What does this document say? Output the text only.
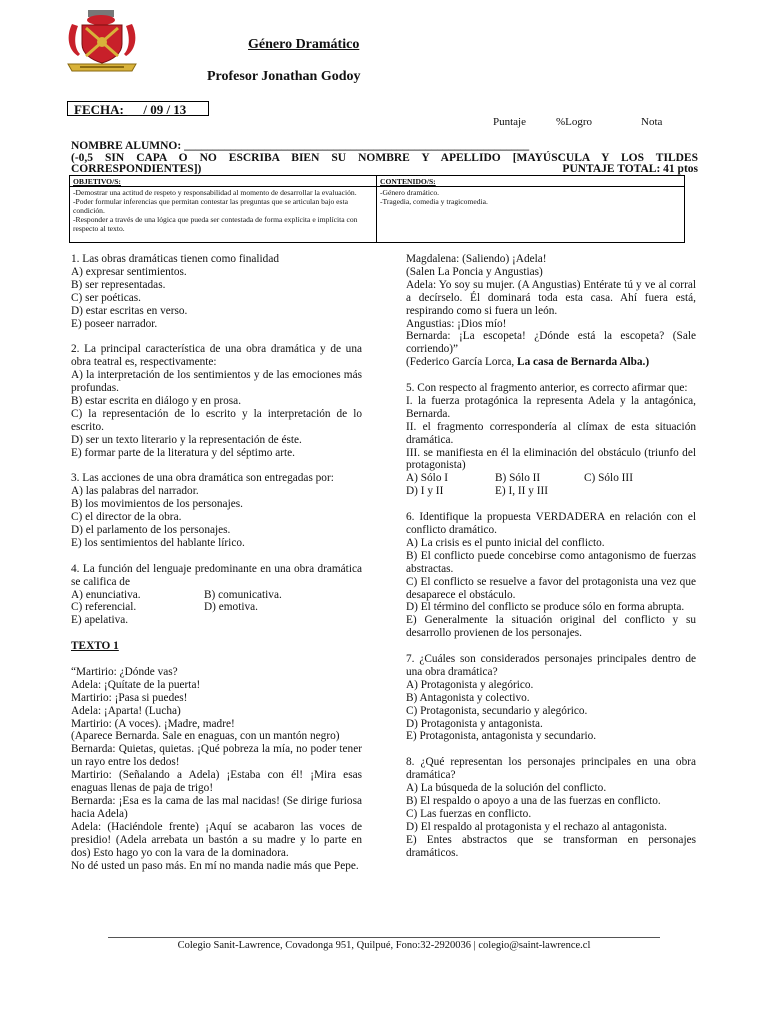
Género Dramático
Profesor Jonathan Godoy
FECHA: __ / 09 / 13
Puntaje	%Logro	Nota
NOMBRE ALUMNO: ____________________________________________________________
(-0,5 SIN CAPA O NO ESCRIBA BIEN SU NOMBRE Y APELLIDO [MAYÚSCULA Y LOS TILDES
CORRESPONDIENTES])	PUNTAJE TOTAL: 41 ptos
OBJETIVO/S:
-Demostrar una actitud de respeto y responsabilidad al momento de desarrollar la evaluación.
-Poder formular inferencias que permitan contestar las preguntas que se articulan bajo esta condición.
-Responder a través de una lógica que pueda ser contestada de forma explícita e implícita con respecto al texto.
CONTENIDO/S:
-Género dramático.
-Tragedia, comedia y tragicomedia.

1. Las obras dramáticas tienen como finalidad

A) expresar sentimientos.

B) ser representadas.

C) ser poéticas.

D) estar escritas en verso.

E) poseer narrador.

2. La principal característica de una obra dramática y de una obra teatral es, respectivamente:

A) la interpretación de los sentimientos y de las emociones más profundas.

B) estar escrita en diálogo y en prosa.

C) la representación de lo escrito y la interpretación de lo escrito.

D) ser un texto literario y la representación de éste.

E) formar parte de la literatura y del séptimo arte.

3. Las acciones de una obra dramática son entregadas por:

A) las palabras del narrador.

B) los movimientos de los personajes.

C) el director de la obra.

D) el parlamento de los personajes.

E) los sentimientos del hablante lírico.

4. La función del lenguaje predominante en una obra dramática se califica de

A) enunciativa.	B) comunicativa.
C) referencial.	D) emotiva.

E) apelativa.

TEXTO 1

“Martirio: ¿Dónde vas?

Adela: ¡Quítate de la puerta!

Martirio: ¡Pasa si puedes!

Adela: ¡Aparta! (Lucha)

Martirio: (A voces). ¡Madre, madre!

(Aparece Bernarda. Sale en enaguas, con un mantón negro)

Bernarda: Quietas, quietas. ¡Qué pobreza la mía, no poder tener un rayo entre los dedos!

Martirio: (Señalando a Adela) ¡Estaba con él! ¡Mira esas enaguas llenas de paja de trigo!

Bernarda: ¡Esa es la cama de las mal nacidas! (Se dirige furiosa hacia Adela)

Adela: (Haciéndole frente) ¡Aquí se acabaron las voces de presidio! (Adela arrebata un bastón a su madre y lo parte en dos) Esto hago yo con la vara de la dominadora.

No dé usted un paso más. En mí no manda nadie más que Pepe.

Magdalena: (Saliendo) ¡Adela!

(Salen La Poncia y Angustias)

Adela: Yo soy su mujer. (A Angustias) Entérate tú y ve al corral a decírselo. Él dominará toda esta casa. Ahí fuera está, respirando como si fuera un león.

Angustias: ¡Dios mío!

Bernarda: ¡La escopeta! ¿Dónde está la escopeta? (Sale corriendo)”

(Federico García Lorca, La casa de Bernarda Alba.)

5. Con respecto al fragmento anterior, es correcto afirmar que:

I. la fuerza protagónica la representa Adela y la antagónica, Bernarda.

II. el fragmento correspondería al clímax de esta situación dramática.

III. se manifiesta en él la eliminación del obstáculo (triunfo del protagonista)

A) Sólo I	B) Sólo II	C) Sólo III
D) I y II	E) I, II y III

6. Identifique la propuesta VERDADERA en relación con el conflicto dramático.

A) La crisis es el punto inicial del conflicto.

B) El conflicto puede concebirse como antagonismo de fuerzas abstractas.

C) El conflicto se resuelve a favor del protagonista una vez que desaparece el obstáculo.

D) El término del conflicto se produce sólo en forma abrupta.

E) Generalmente la situación original del conflicto y su desarrollo provienen de los personajes.

7. ¿Cuáles son considerados personajes principales dentro de una obra dramática?

A) Protagonista y alegórico.

B) Antagonista y colectivo.

C) Protagonista, secundario y alegórico.

D) Protagonista y antagonista.

E) Protagonista, antagonista y secundario.

8. ¿Qué representan los personajes principales en una obra dramática?

A) La búsqueda de la solución del conflicto.

B) El respaldo o apoyo a una de las fuerzas en conflicto.

C) Las fuerzas en conflicto.

D) El respaldo al protagonista y el rechazo al antagonista.

E) Entes abstractos que se transforman en personajes dramáticos.

Colegio Sanit-Lawrence, Covadonga 951, Quilpué, Fono:32-2920036 | colegio@saint-lawrence.cl
